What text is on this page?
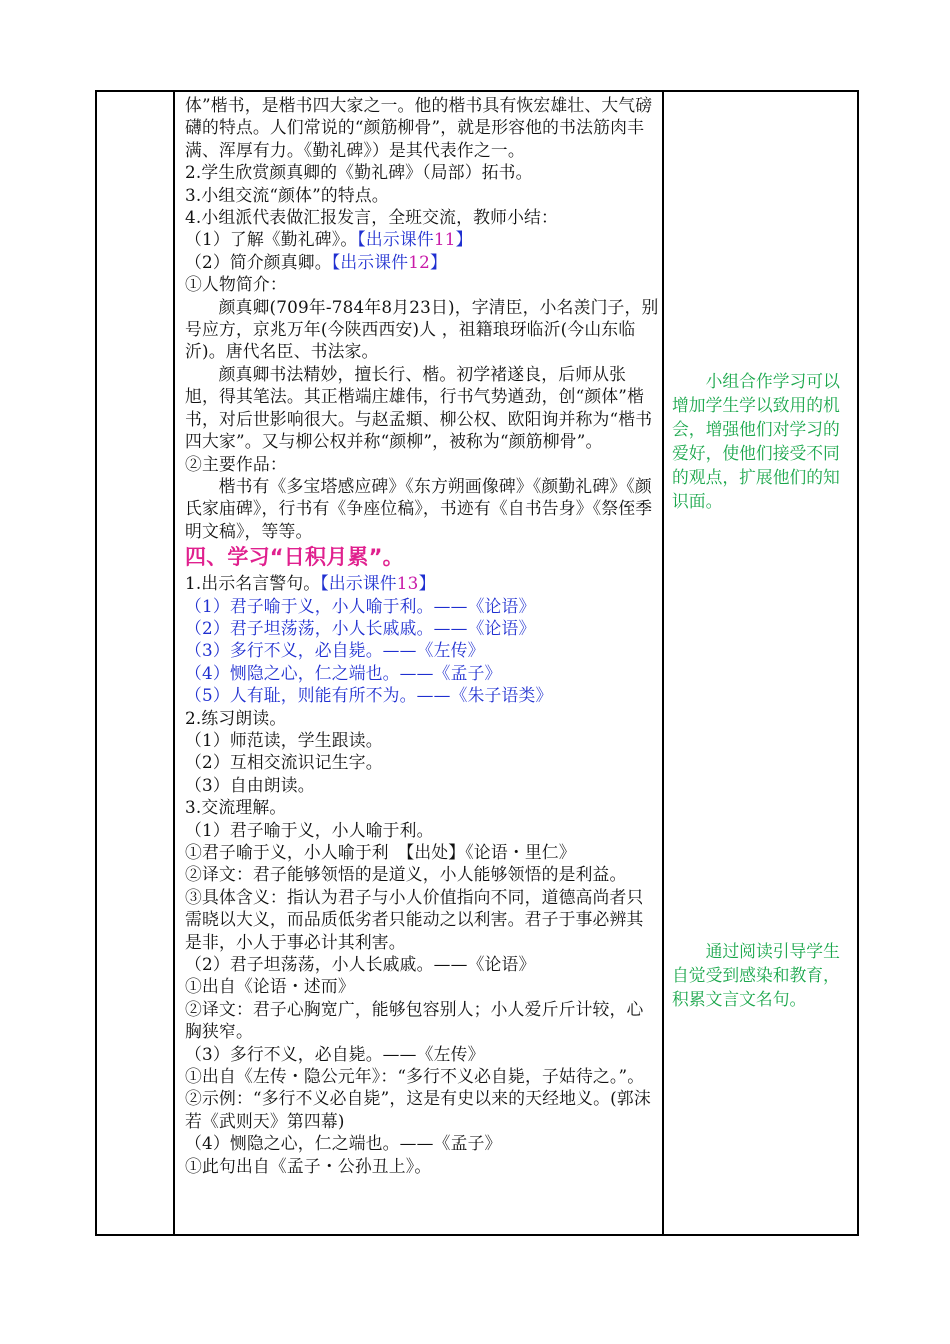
体”楷书，是楷书四大家之一。他的楷书具有恢宏雄壮、大气磅礴的特点。人们常说的“颜筋柳骨”，就是形容他的书法筋肉丰满、浑厚有力。《勤礼碑》）是其代表作之一。

2.学生欣赏颜真卿的《勤礼碑》（局部）拓书。

3.小组交流“颜体”的特点。

4.小组派代表做汇报发言，全班交流，教师小结：

（1）了解《勤礼碑》。【出示课件11】

（2）简介颜真卿。【出示课件12】

①人物简介：

颜真卿(709年-784年8月23日)，字清臣，小名羡门子，别号应方，京兆万年(今陕西西安)人 ，祖籍琅玡临沂(今山东临沂)。唐代名臣、书法家。

颜真卿书法精妙，擅长行、楷。初学褚遂良，后师从张旭，得其笔法。其正楷端庄雄伟，行书气势遒劲，创“颜体”楷书，对后世影响很大。与赵孟頫、柳公权、欧阳询并称为“楷书四大家”。又与柳公权并称“颜柳”，被称为“颜筋柳骨”。

②主要作品：

楷书有《多宝塔感应碑》《东方朔画像碑》《颜勤礼碑》《颜氏家庙碑》，行书有《争座位稿》，书迹有《自书告身》《祭侄季明文稿》，等等。

四、学习“日积月累”。

1.出示名言警句。【出示课件13】

（1）君子喻于义，小人喻于利。——《论语》

（2）君子坦荡荡，小人长戚戚。——《论语》

（3）多行不义，必自毙。——《左传》

（4）恻隐之心，仁之端也。——《孟子》

（5）人有耻，则能有所不为。——《朱子语类》

2.练习朗读。

（1）师范读，学生跟读。

（2）互相交流识记生字。

（3）自由朗读。

3.交流理解。

（1）君子喻于义，小人喻于利。

①君子喻于义，小人喻于利　【出处】《论语・里仁》

②译文：君子能够领悟的是道义，小人能够领悟的是利益。

③具体含义：指认为君子与小人价值指向不同，道德高尚者只需晓以大义，而品质低劣者只能动之以利害。君子于事必辨其是非，小人于事必计其利害。

（2）君子坦荡荡，小人长戚戚。——《论语》

①出自《论语・述而》

②译文：君子心胸宽广，能够包容别人；小人爱斤斤计较，心胸狭窄。

（3）多行不义，必自毙。——《左传》

①出自《左传・隐公元年》：“多行不义必自毙，子姑待之。”。

②示例：“多行不义必自毙”，这是有史以来的天经地义。(郭沫若《武则天》第四幕)

（4）恻隐之心，仁之端也。——《孟子》

①此句出自《孟子・公孙丑上》。

小组合作学习可以增加学生学以致用的机会，增强他们对学习的爱好，使他们接受不同的观点，扩展他们的知识面。

通过阅读引导学生自觉受到感染和教育，积累文言文名句。
